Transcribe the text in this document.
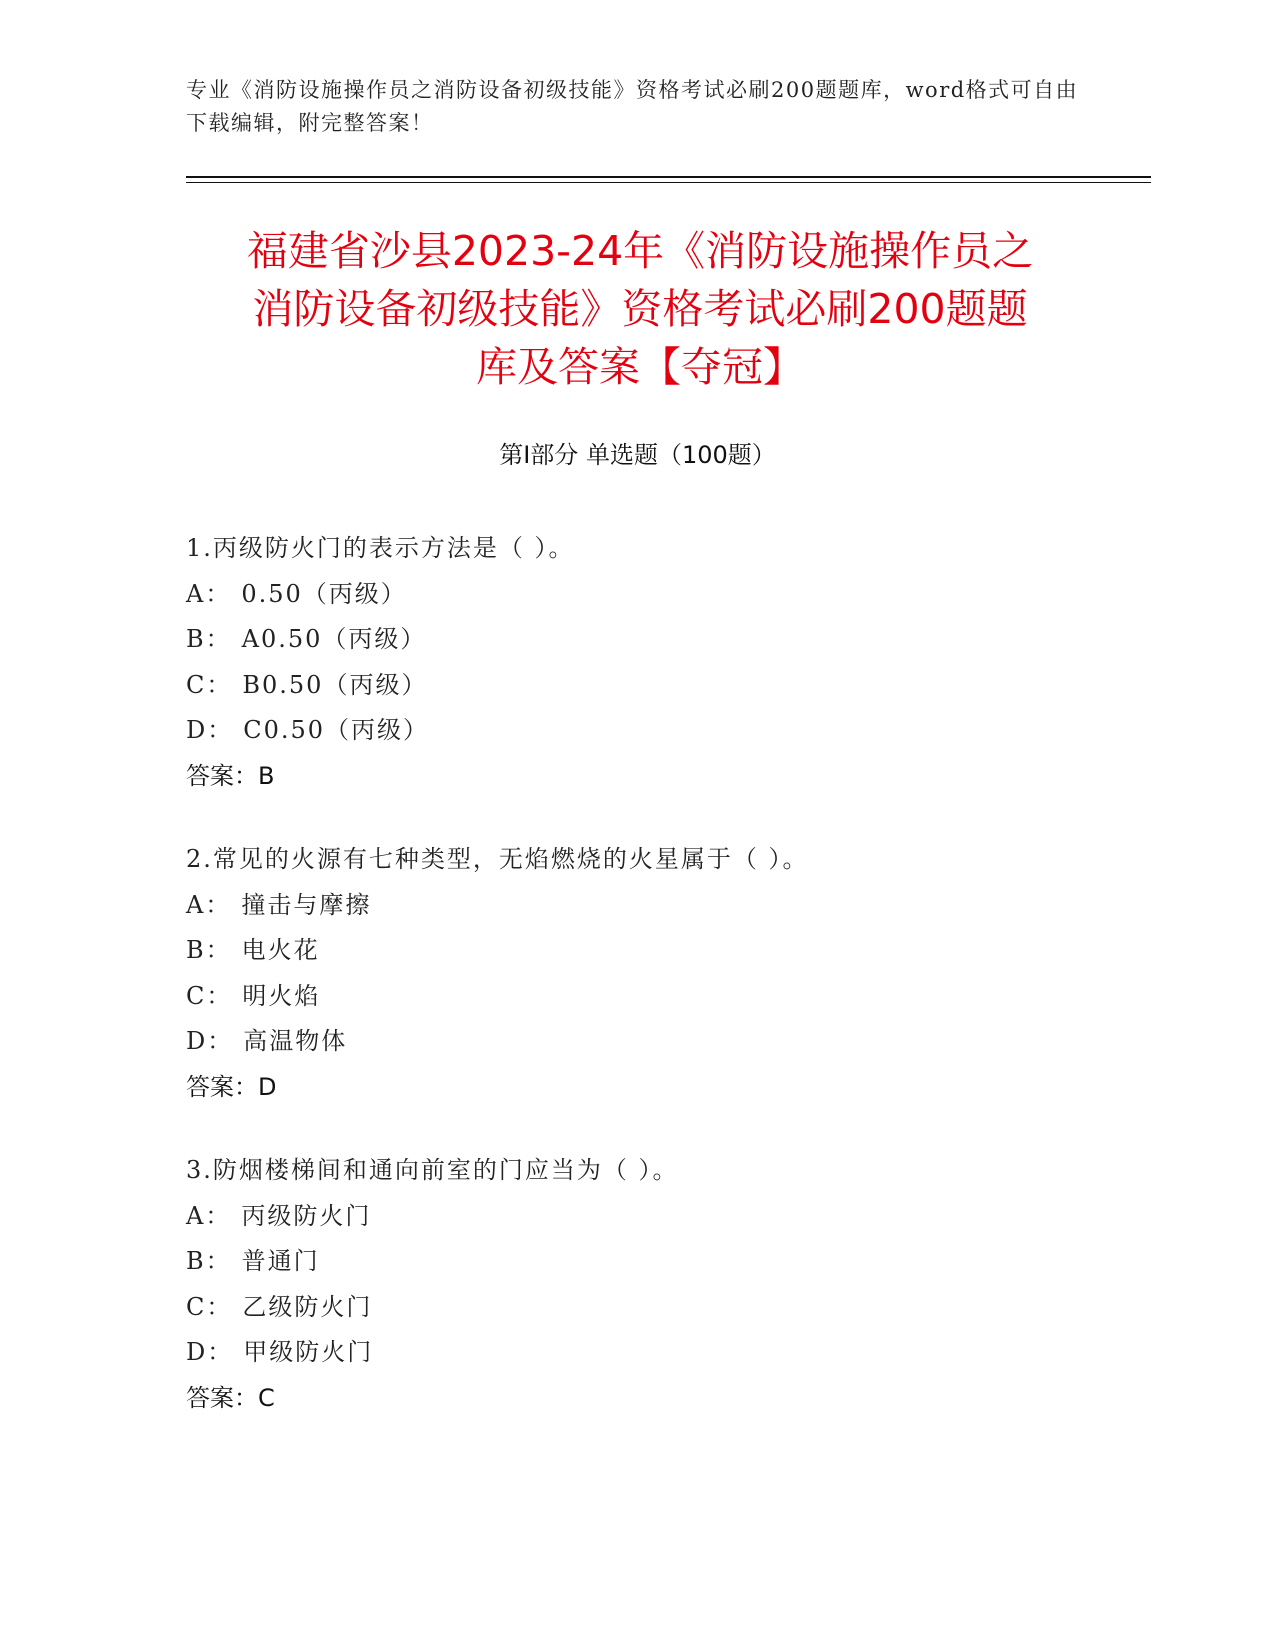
专业《消防设施操作员之消防设备初级技能》资格考试必刷200题题库，word格式可自由下载编辑，附完整答案！

福建省沙县2023-24年《消防设施操作员之
消防设备初级技能》资格考试必刷200题题
库及答案【夺冠】
第Ⅰ部分 单选题（100题）

1.丙级防火门的表示方法是（ ）。

A： 0.50（丙级）

B： A0.50（丙级）

C： B0.50（丙级）

D： C0.50（丙级）

答案：B

2.常见的火源有七种类型，无焰燃烧的火星属于（ ）。

A： 撞击与摩擦

B： 电火花

C： 明火焰

D： 高温物体

答案：D

3.防烟楼梯间和通向前室的门应当为（ ）。

A： 丙级防火门

B： 普通门

C： 乙级防火门

D： 甲级防火门

答案：C
